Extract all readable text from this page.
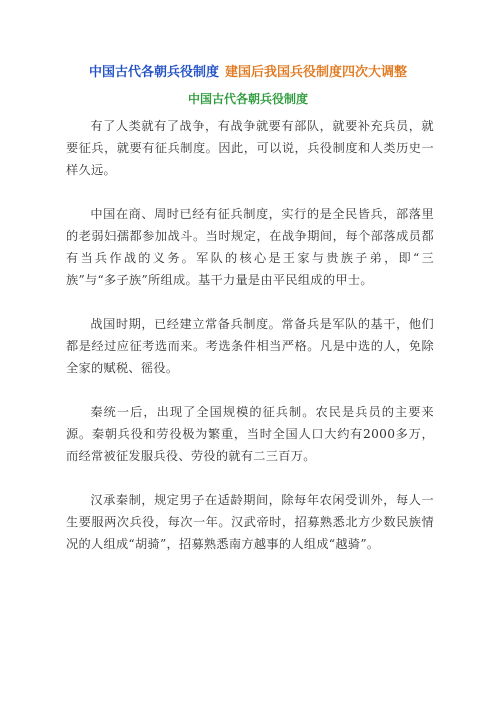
中国古代各朝兵役制度 建国后我国兵役制度四次大调整
中国古代各朝兵役制度

有了人类就有了战争，有战争就要有部队，就要补充兵员，就要征兵，就要有征兵制度。因此，可以说，兵役制度和人类历史一样久远。

中国在商、周时已经有征兵制度，实行的是全民皆兵，部落里的老弱妇孺都参加战斗。当时规定，在战争期间，每个部落成员都有当兵作战的义务。军队的核心是王家与贵族子弟，即“三族”与“多子族”所组成。基干力量是由平民组成的甲士。

战国时期，已经建立常备兵制度。常备兵是军队的基干，他们都是经过应征考选而来。考选条件相当严格。凡是中选的人，免除全家的赋税、徭役。

秦统一后，出现了全国规模的征兵制。农民是兵员的主要来源。秦朝兵役和劳役极为繁重，当时全国人口大约有2000多万，而经常被征发服兵役、劳役的就有二三百万。

汉承秦制，规定男子在适龄期间，除每年农闲受训外，每人一生要服两次兵役，每次一年。汉武帝时，招募熟悉北方少数民族情况的人组成“胡骑”，招募熟悉南方越事的人组成“越骑”。
